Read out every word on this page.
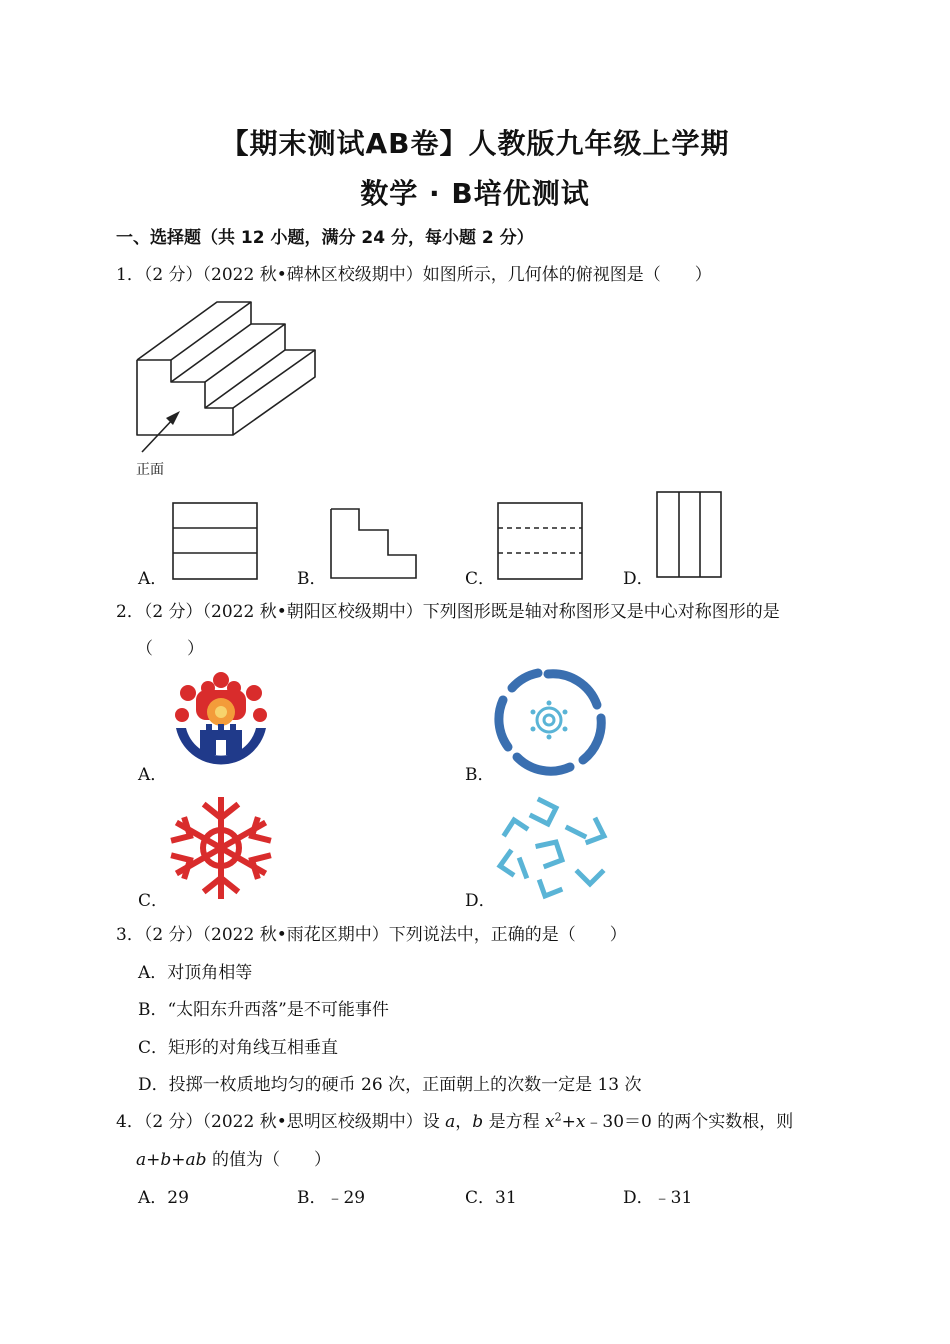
【期末测试AB卷】人教版九年级上学期
数学 · B培优测试
一、选择题（共 12 小题，满分 24 分，每小题 2 分）
1．（2 分）（2022 秋•碑林区校级期中）如图所示，几何体的俯视图是（　　）
正面
A．	B．	C．	D．
2．（2 分）（2022 秋•朝阳区校级期中）下列图形既是轴对称图形又是中心对称图形的是
（　　）
A．	B．
C．	D．
3．（2 分）（2022 秋•雨花区期中）下列说法中，正确的是（　　）
A．对顶角相等
B．“太阳东升西落”是不可能事件
C．矩形的对角线互相垂直
D．投掷一枚质地均匀的硬币 26 次，正面朝上的次数一定是 13 次
4．（2 分）（2022 秋•思明区校级期中）设 a，b 是方程 $x^2+x﹣30=0$ 的两个实数根，则
a+b+ab 的值为（　　）
A．29	B．﹣29	C．31	D．﹣31
